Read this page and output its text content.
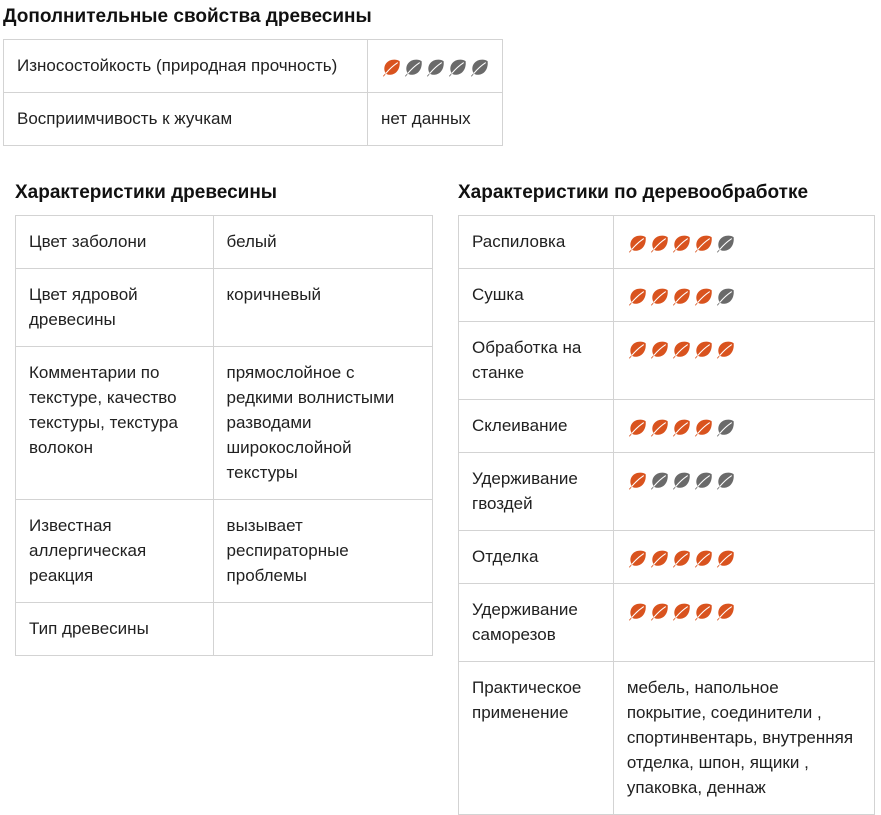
Дополнительные свойства древесины
Износостойкость (природная прочность)	

Восприимчивость к жучкам	нет данных
Характеристики древесины
Цвет заболони	белый
Цвет ядровой древесины	коричневый
Комментарии по текстуре, качество текстуры, текстура волокон	прямослойное с редкими волнистыми разводами широкослойной текстуры
Известная аллергическая реакция	вызывает респираторные проблемы
Тип древесины	
Характеристики по деревообработке
Распиловка	

Сушка	

Обработка на станке	

Склеивание	

Удерживание гвоздей	

Отделка	

Удерживание саморезов	

Практическое применение	мебель, напольное покрытие, соединители , спортинвентарь, внутренняя отделка, шпон, ящики , упаковка, деннаж
